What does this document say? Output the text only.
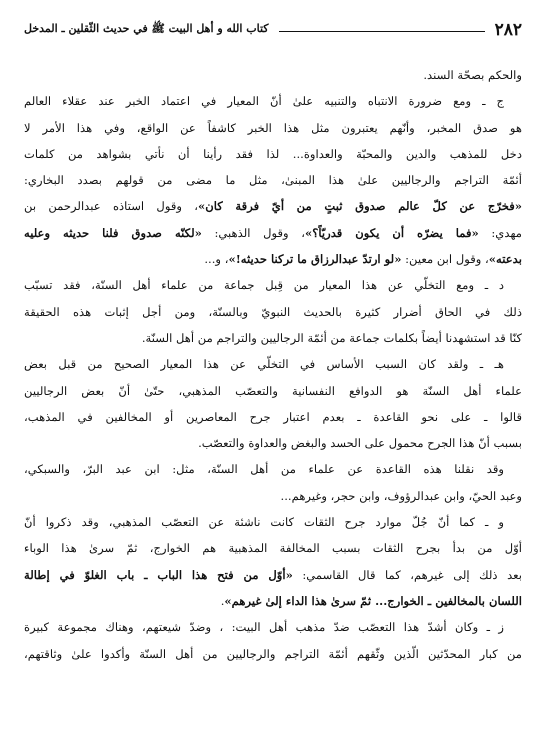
٢٨٢
كتاب الله و أهل البيت ﷺ في حديث الثّقلين ـ المدخل
والحكم بصحّة السند.
ج ـ ومع ضرورة الانتباه والتنبيه علىٰ أنّ المعيار في اعتماد الخبر عند عقلاء العالم
هو صدق المخبر، وأنّهم يعتبرون مثل هذا الخبر كاشفاً عن الواقع، وفي هذا الأمر لا
دخل للمذهب والدين والمحبّة والعداوة... لذا فقد رأينا أن نأتي بشواهد من كلمات
أئمّة التراجم والرجاليين علىٰ هذا المبنىٰ، مثل ما مضى من قولهم بصدد البخاري:
«فخرّج عن كلّ عالم صدوق ثبتٍ من أيّ فرقة كان»، وقول استاذه عبدالرحمن بن
مهدي: «فما يضرّه أن يكون قدريّاً؟»، وقول الذهبي: «لكنّه صدوق فلنا حديثه وعليه
بدعته»، وقول ابن معين: «لو ارتدّ عبدالرزاق ما تركنا حديثه!»، و...
د ـ ومع التخلّي عن هذا المعيار من قِبل جماعة من علماء أهل السنّة، فقد تسبّب
ذلك في الحاق أضرار كثيرة بالحديث النبويّ وبالسنّة، ومن أجل إثبات هذه الحقيقة
كنّا قد استشهدنا أيضاً بكلمات جماعة من أئمّة الرجاليين والتراجم من أهل السنّة.
هـ ـ ولقد كان السبب الأساس في التخلّي عن هذا المعيار الصحيح من قبل بعض
علماء أهل السنّة هو الدوافع النفسانية والتعصّب المذهبي، حتّىٰ أنّ بعض الرجاليين
قالوا ـ على نحو القاعدة ـ بعدم اعتبار جرح المعاصرين أو المخالفين في المذهب،
بسبب أنّ هذا الجرح محمول على الحسد والبغض والعداوة والتعصّب.
وقد نقلنا هذه القاعدة عن علماء من أهل السنّة، مثل: ابن عبد البرّ، والسبكي،
وعبد الحيّ، وابن عبدالرؤوف، وابن حجر، وغيرهم...
و ـ كما أنّ جُلّ موارد جرح الثقات كانت ناشئة عن التعصّب المذهبي، وقد ذكروا أنّ
أوّل من بدأ بجرح الثقات بسبب المخالفة المذهبية هم الخوارج، ثمّ سرىٰ هذا الوباء
بعد ذلك إلى غيرهم، كما قال القاسمي: «أوّل من فتح هذا الباب ـ باب الغلوّ في إطالة
اللسان بالمخالفين ـ الخوارج... ثمّ سرىٰ هذا الداء إلىٰ غيرهم».
ز ـ وكان أشدّ هذا التعصّب ضدّ مذهب أهل البيت: ، وضدّ شيعتهم، وهناك مجموعة كبيرة
من كبار المحدّثين الّذين وثّقهم أئمّة التراجم والرجاليين من أهل السنّة وأكدوا علىٰ وثاقتهم،
